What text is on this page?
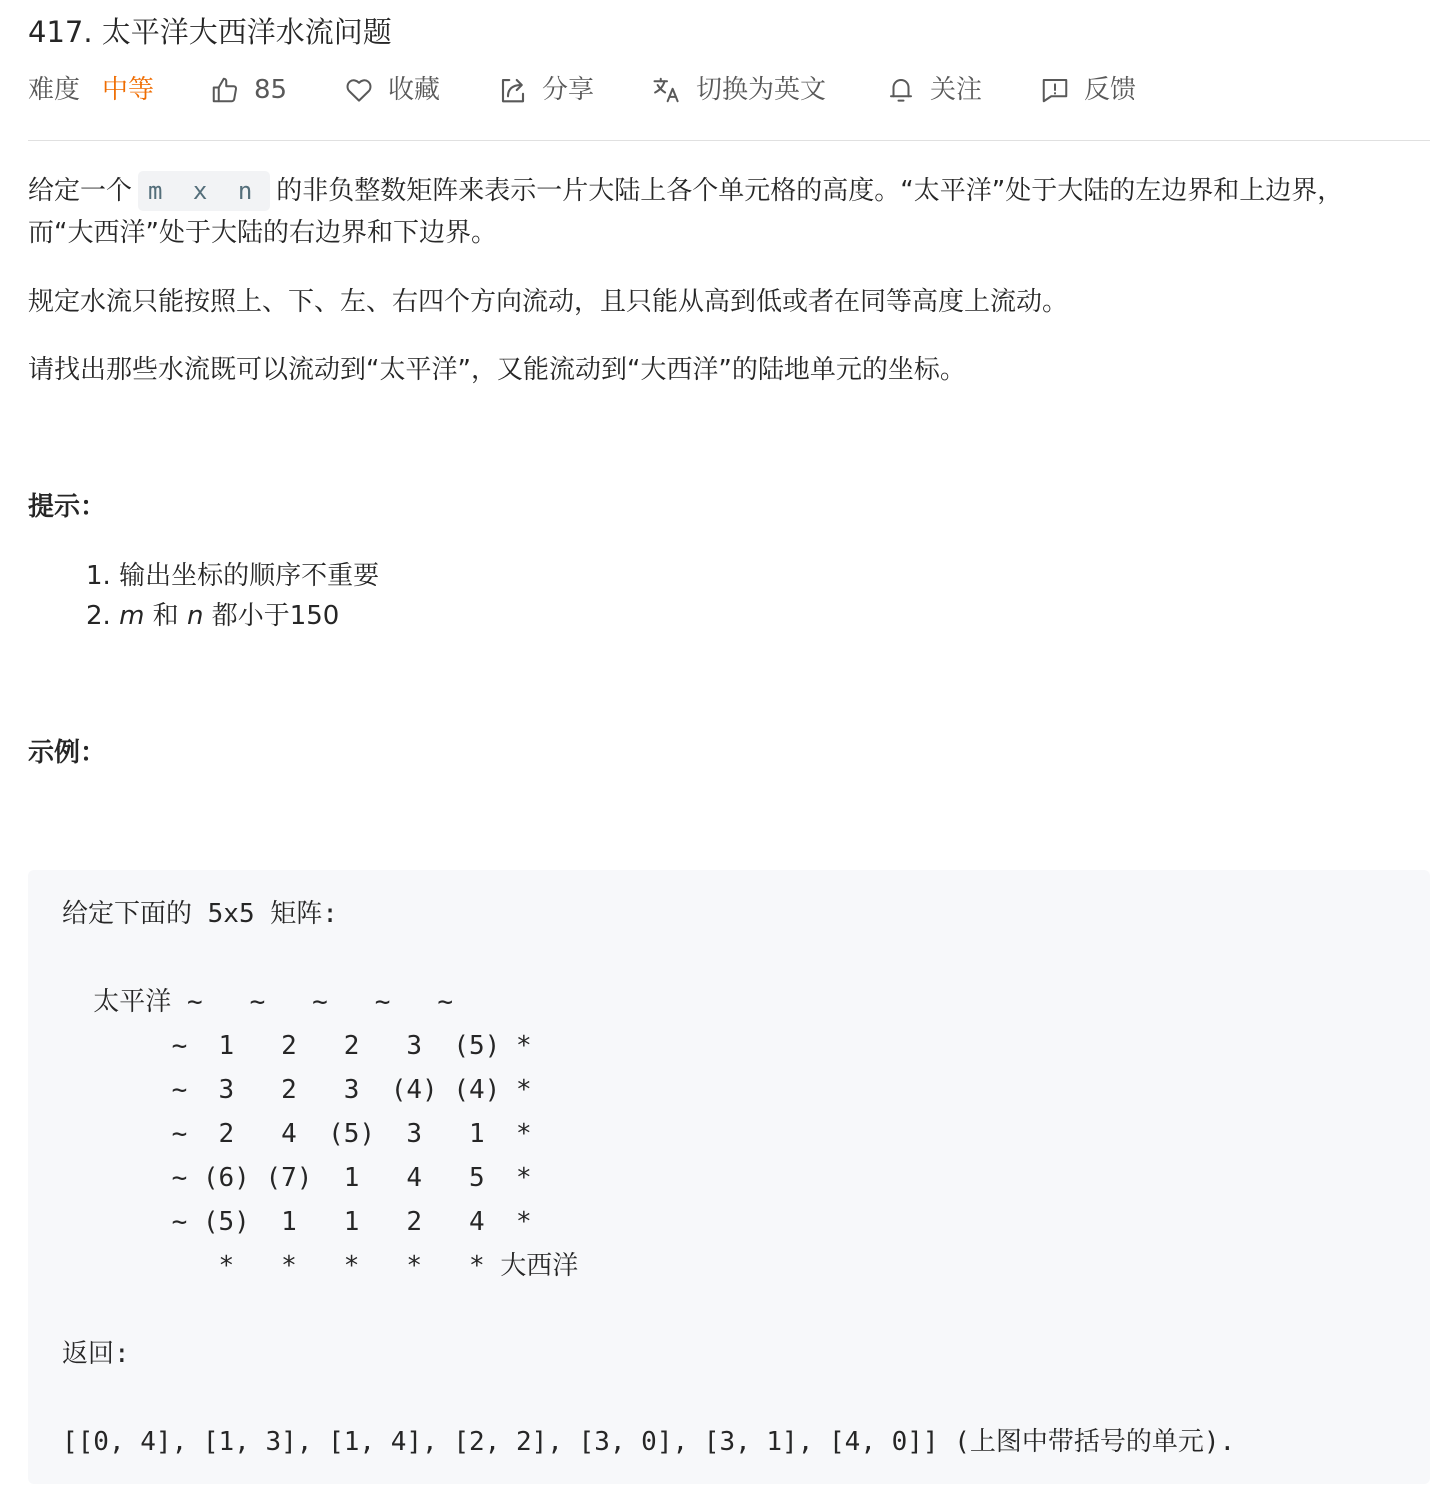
417. 太平洋大西洋水流问题
难度 中等	85	收藏	分享	切换为英文	关注	反馈
给定一个 m x n 的非负整数矩阵来表示一片大陆上各个单元格的高度。“太平洋”处于大陆的左边界和上边界，
而“大西洋”处于大陆的右边界和下边界。
规定水流只能按照上、下、左、右四个方向流动，且只能从高到低或者在同等高度上流动。
请找出那些水流既可以流动到“太平洋”，又能流动到“大西洋”的陆地单元的坐标。
提示：
1. 输出坐标的顺序不重要
2. m 和 n 都小于150
示例：
给定下面的 5x5 矩阵:
太平洋 ~   ~   ~   ~   ~
~  1   2   2   3  (5) *
~  3   2   3  (4) (4) *
~  2   4  (5)  3   1  *
~ (6) (7)  1   4   5  *
~ (5)  1   1   2   4  *
*   *   *   *   * 大西洋
返回:
[[0, 4], [1, 3], [1, 4], [2, 2], [3, 0], [3, 1], [4, 0]] (上图中带括号的单元).
